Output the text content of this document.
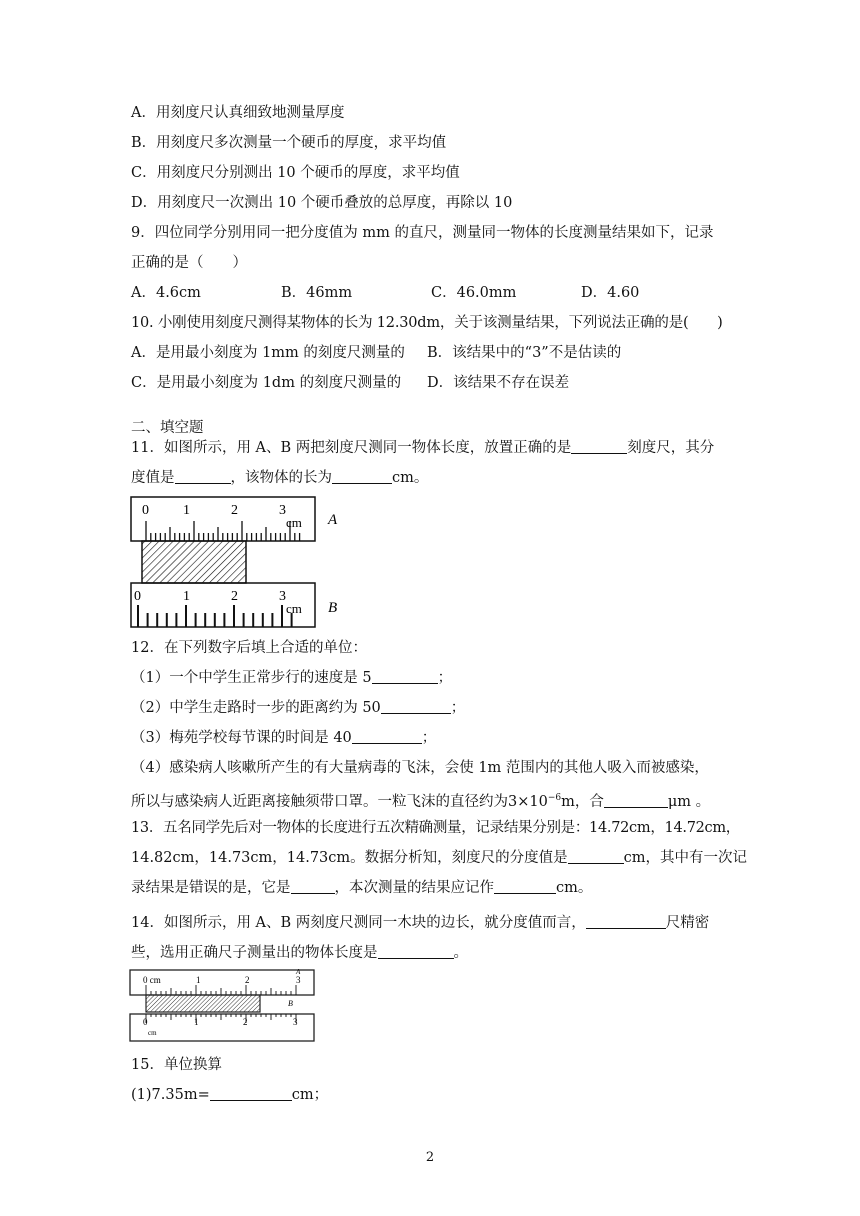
A．用刻度尺认真细致地测量厚度
B．用刻度尺多次测量一个硬币的厚度，求平均值
C．用刻度尺分别测出 10 个硬币的厚度，求平均值
D．用刻度尺一次测出 10 个硬币叠放的总厚度，再除以 10
9．四位同学分别用同一把分度值为 mm 的直尺，测量同一物体的长度测量结果如下，记录
正确的是（　　）
A．4.6cm	B．46mm	C．46.0mm	D．4.60
10. 小刚使用刻度尺测得某物体的长为 12.30dm，关于该测量结果，下列说法正确的是(　　)
A．是用最小刻度为 1mm 的刻度尺测量的 B．该结果中的“3”不是估读的
C．是用最小刻度为 1dm 的刻度尺测量的 D．该结果不存在误差
二、填空题
11．如图所示，用 A、B 两把刻度尺测同一物体长度，放置正确的是	刻度尺，其分
度值是	，该物体的长为	cm。
0 1	2	3
cm A
0	1	2	3
cm B
12．在下列数字后填上合适的单位：
（1）一个中学生正常步行的速度是 5	；
（2）中学生走路时一步的距离约为 50	；
（3）梅苑学校每节课的时间是 40	；
（4）感染病人咳嗽所产生的有大量病毒的飞沫，会使 1m 范围内的其他人吸入而被感染，
所以与感染病人近距离接触须带口罩。一粒飞沫的直径约为$3\times 10^{-6}m$，合	μm 。
13．五名同学先后对一物体的长度进行五次精确测量，记录结果分别是：14.72cm，14.72cm，
14.82cm，14.73cm，14.73cm。数据分析知，刻度尺的分度值是	cm，其中有一次记
录结果是错误的是，它是	，本次测量的结果应记作	cm。
14．如图所示，用 A、B 两刻度尺测同一木块的边长，就分度值而言，	尺精密
些，选用正确尺子测量出的物体长度是	。
0 cm	1	2	3
A
B
0	1	2	3
cm
15．单位换算
(1)7.35m=	cm；
2
